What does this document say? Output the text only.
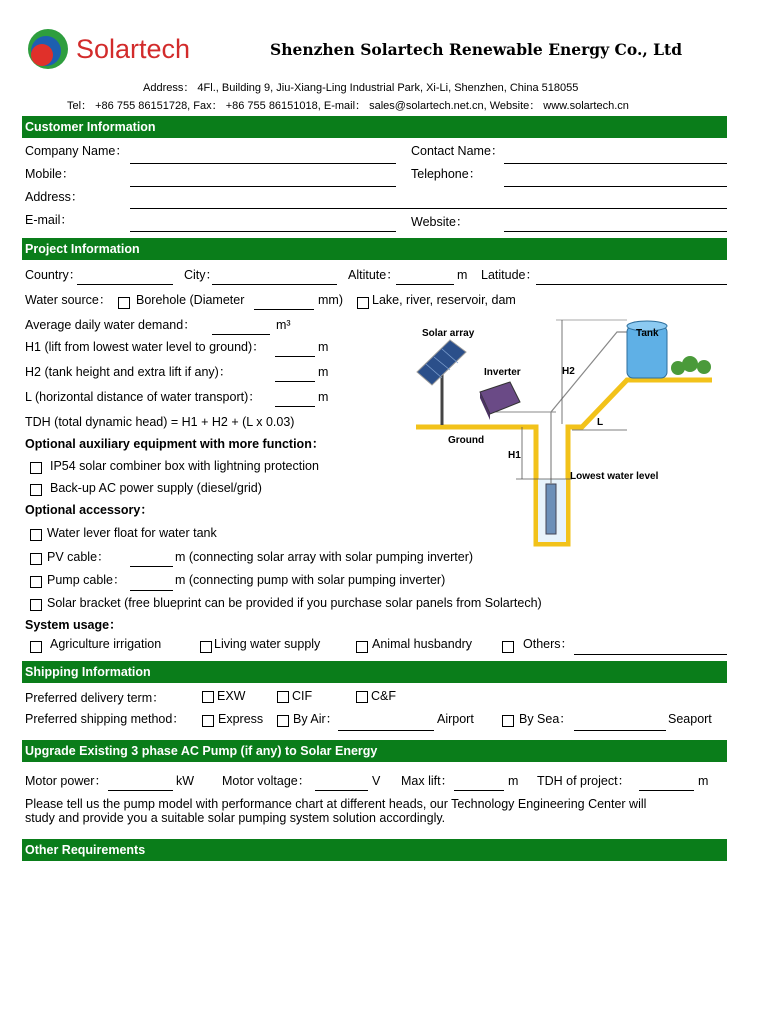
Solartech	Shenzhen Solartech Renewable Energy Co., Ltd
Address： 4Fl., Building 9, Jiu-Xiang-Ling Industrial Park, Xi-Li, Shenzhen, China 518055
Tel： +86 755 86151728, Fax： +86 755 86151018, E-mail： sales@solartech.net.cn, Website： www.solartech.cn
Customer Information
Company Name：	Contact Name：
Mobile：	Telephone：
Address：
E-mail：	Website：
Project Information
Country：	City：	Altitute：	m Latitude：
Water source： Borehole (Diameter	mm) Lake, river, reservoir, dam
Average daily water demand：	m³
H1 (lift from lowest water level to ground)：	m
H2 (tank height and extra lift if any)：	m
L (horizontal distance of water transport)：	m
TDH (total dynamic head) = H1 + H2 + (L x 0.03)
Optional auxiliary equipment with more function：
IP54 solar combiner box with lightning protection
Back-up AC power supply (diesel/grid)
Optional accessory：
Water lever float for water tank
PV cable：	m (connecting solar array with solar pumping inverter)
Pump cable：	m (connecting pump with solar pumping inverter)
Solar bracket (free blueprint can be provided if you purchase solar panels from Solartech)
System usage：
Agriculture irrigation	Living water supply	Animal husbandry	Others：
Solar array
Inverter
Tank
H2
Ground
L
H1
Lowest water level
Shipping Information
Preferred delivery term：	EXW	CIF	C&F
Preferred shipping method：	Express By Air：	Airport	By Sea：	Seaport
Upgrade Existing 3 phase AC Pump (if any) to Solar Energy
Motor power：	kW Motor voltage：	V Max lift：	m TDH of project：	m
Please tell us the pump model with performance chart at different heads, our Technology Engineering Center will
study and provide you a suitable solar pumping system solution accordingly.
Other Requirements
